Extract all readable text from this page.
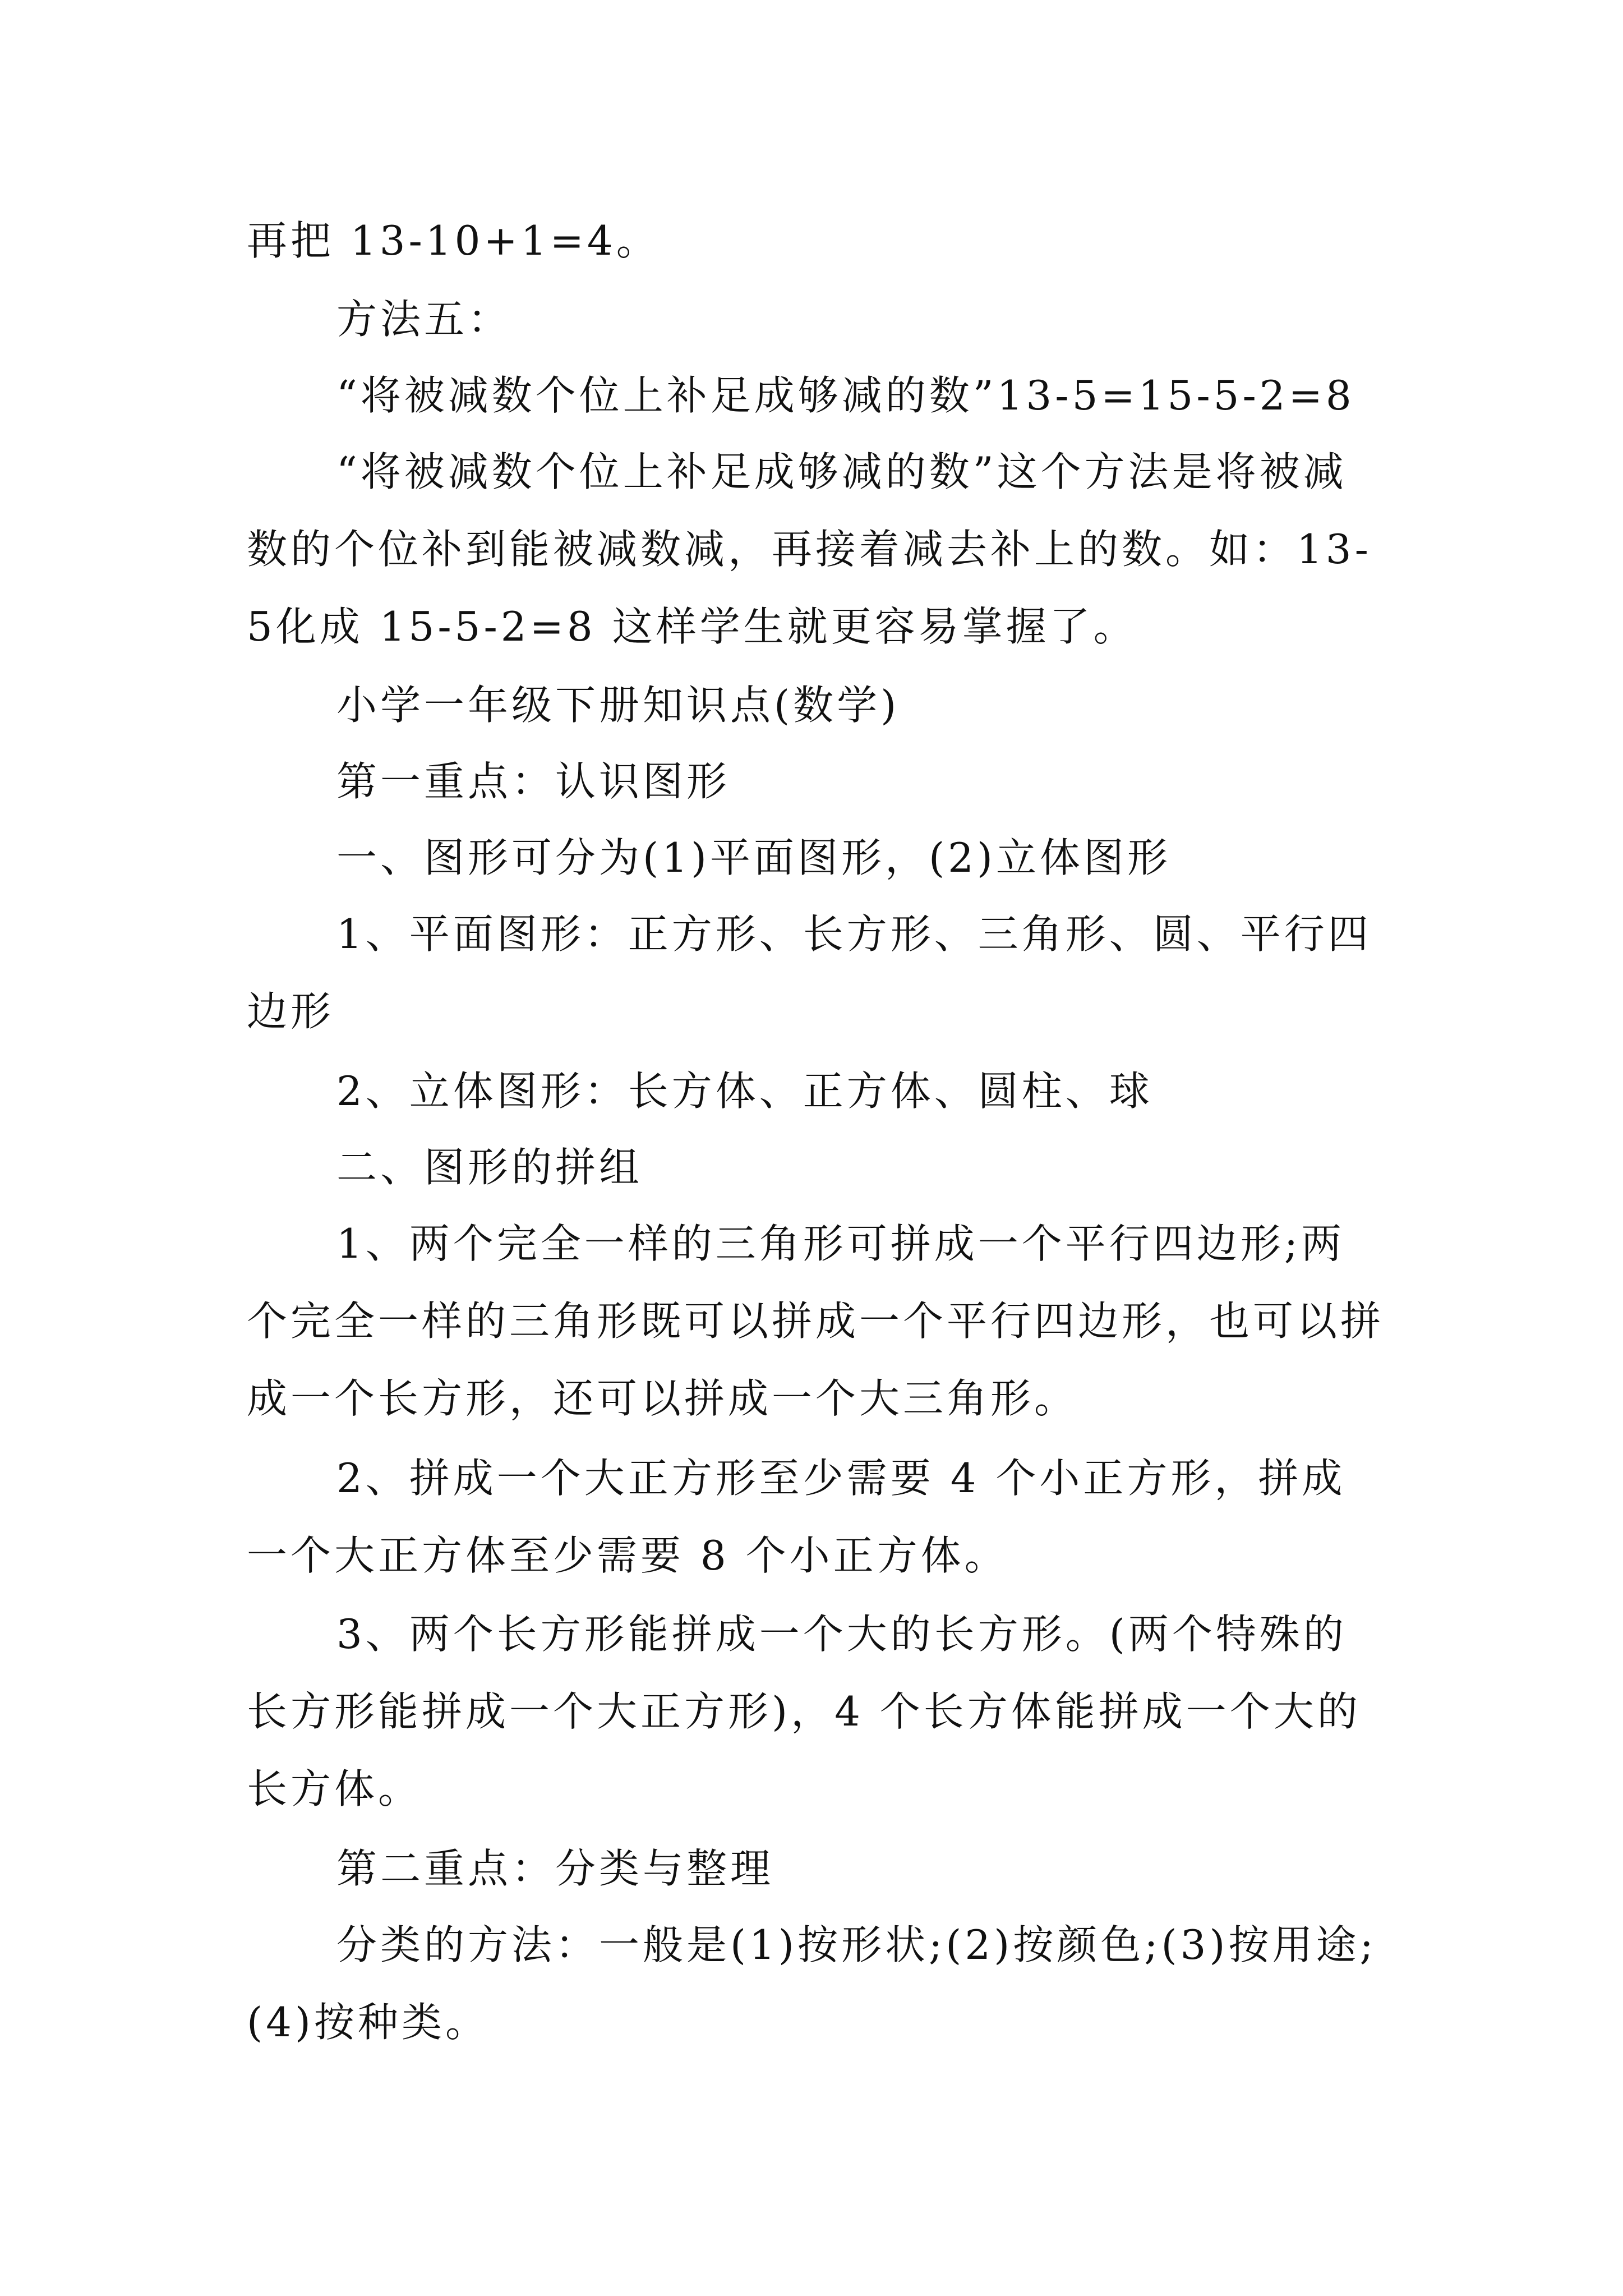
再把 13-10+1=4。

方法五：

“将被减数个位上补足成够减的数”13-5=15-5-2=8

“将被减数个位上补足成够减的数”这个方法是将被减数的个位补到能被减数减，再接着减去补上的数。如：13-5化成 15-5-2=8 这样学生就更容易掌握了。

小学一年级下册知识点(数学)

第一重点：认识图形

一、图形可分为(1)平面图形，(2)立体图形

1、平面图形：正方形、长方形、三角形、圆、平行四边形

2、立体图形：长方体、正方体、圆柱、球

二、图形的拼组

1、两个完全一样的三角形可拼成一个平行四边形;两个完全一样的三角形既可以拼成一个平行四边形，也可以拼成一个长方形，还可以拼成一个大三角形。

2、拼成一个大正方形至少需要 4 个小正方形，拼成一个大正方体至少需要 8 个小正方体。

3、两个长方形能拼成一个大的长方形。(两个特殊的长方形能拼成一个大正方形)，4 个长方体能拼成一个大的长方体。

第二重点：分类与整理

分类的方法：一般是(1)按形状;(2)按颜色;(3)按用途;(4)按种类。
